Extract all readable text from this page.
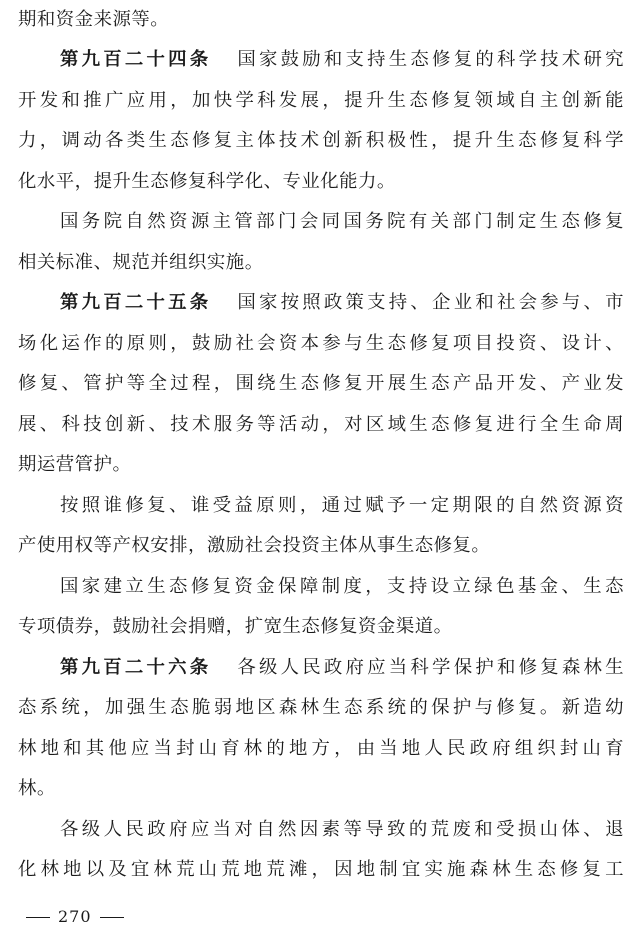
期和资金来源等。
第九百二十四条 国家鼓励和支持生态修复的科学技术研究
开发和推广应用，加快学科发展，提升生态修复领域自主创新能
力，调动各类生态修复主体技术创新积极性，提升生态修复科学
化水平，提升生态修复科学化、专业化能力。
国务院自然资源主管部门会同国务院有关部门制定生态修复
相关标准、规范并组织实施。
第九百二十五条 国家按照政策支持、企业和社会参与、市
场化运作的原则，鼓励社会资本参与生态修复项目投资、设计、
修复、管护等全过程，围绕生态修复开展生态产品开发、产业发
展、科技创新、技术服务等活动，对区域生态修复进行全生命周
期运营管护。
按照谁修复、谁受益原则，通过赋予一定期限的自然资源资
产使用权等产权安排，激励社会投资主体从事生态修复。
国家建立生态修复资金保障制度，支持设立绿色基金、生态
专项债券，鼓励社会捐赠，扩宽生态修复资金渠道。
第九百二十六条 各级人民政府应当科学保护和修复森林生
态系统，加强生态脆弱地区森林生态系统的保护与修复。新造幼
林地和其他应当封山育林的地方，由当地人民政府组织封山育
林。
各级人民政府应当对自然因素等导致的荒废和受损山体、退
化林地以及宜林荒山荒地荒滩，因地制宜实施森林生态修复工
270
